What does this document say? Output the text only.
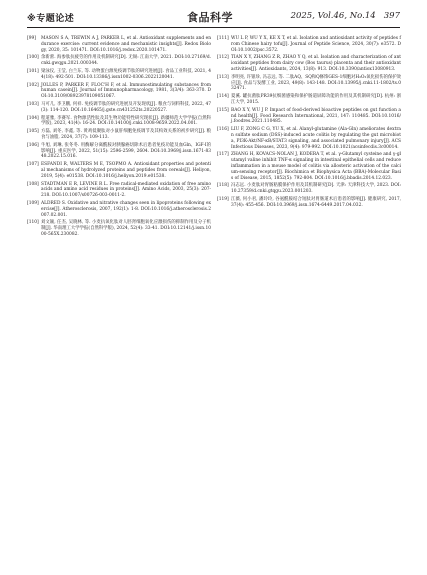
※专题论述	食品科学	2025, Vol.46, No.14 397
[99]	MASON S A, TREWIN A J, PARKER L, et al. Antioxidant supplements and endurance exercise: current evidence and mechanistic insights[J]. Redox Biology, 2020, 35: 101471. DOI:10.1016/j.redox.2020.101471.
[100] 余新蕾. 海参肽抗疲劳的作用及机制研究[D]. 无锡: 江南大学, 2021. DOI:10.27169/d.cnki.gwqgu.2021.000344.
[101] 梁泳仪, 王莹, 白兰东, 等. 动物蛋白源免疫调节肽的研究进展[J]. 食品工业科技, 2021, 44(18): 492-501. DOI:10.13386/j.issn1002-0306.2022120041.
[102] JOLLES P, PARKER F, FLOC'H F, et al. Immunostimulating substances from human casein[J]. Journal of Immunopharmacology, 1981, 3(3/4): 363-370. DOI:10.3109/08923978109051067.
[103] 马可儿, 李卫鹏, 何祥. 免疫调节肽的研究进展及开发现状[J]. 粮食与饲料科技, 2022, 47(3): 114-120. DOI:10.16465/j.gste.cn431252ts.20220527.
[104] 程道雅, 李赛军. 食物源活性肽及其生物功能特性研究现状[J]. 新疆师范大学学报(自然科学版), 2023, 41(4): 16-24. DOI:10.14100/j.cnki.1008-9659.2022.04.001.
[105] 方磊, 刘冬, 李鑫, 等. 黄鸡低聚肽对小鼠肝细胞免疫调节及其构效关系的初步研究[J]. 粮食与油脂, 2024, 37(7): 109-113.
[106] 牛旭, 刘琳, 张冬冬. 用酶解分离酰胺对胰腺癌切除术后患者免疫功能及血Gln、IGF-I的影响[J]. 重庆医学, 2022, 51(15): 2596-2599, 2604. DOI:10.3969/j.issn.1671-8348.2022.15.016.
[107] ESFANDI R, WALTERS M E, TSOPMO A. Antioxidant properties and potential mechanisms of hydrolyzed proteins and peptides from cereals[J]. Heliyon, 2019, 5(4): e01538. DOI:10.1016/j.heliyon.2019.e01538.
[108] STADTMAN E R, LEVINE R L. Free radical-mediated oxidation of free amino acids and amino acid residues in proteins[J]. Amino Acids, 2003, 25(3): 207-218. DOI:10.1007/s00726-003-0011-2.
[109] ALDRED S. Oxidative and nitrative changes seen in lipoproteins following exercise[J]. Atherosclerosis, 2007, 192(1): 1-8. DOI:10.1016/j.atherosclerosis.2007.02.001.
[110] 刘文颖, 任杰, 吴晓林, 等. 小麦抗氧化肽对人胚肾细胞氧化应激损伤的抑制作用及分子机制[J]. 华南理工大学学报(自然科学版), 2024, 52(4): 33-41. DOI:10.12141/j.issn.1000-565X.230082.
[111] WU L P, WU Y X, KE X T, et al. Isolation and antioxidant activity of peptides from Chinese hairy tofu[J]. Journal of Peptide Science, 2024, 30(7): e3572. DOI:10.1002/psc.3572.
[112] TIAN X Y, ZHANG Z R, ZHAO Y Q, et al. Isolation and characterization of antioxidant peptides from dairy cow (Bos taurus) placenta and their antioxidant activities[J]. Antioxidants, 2024, 13(8): 913. DOI:10.3390/antiox13080913.
[113] 李明亮, 许银珍, 冯志远, 等. 二肽AQ、SQ和Q修饰GES-1细胞对H₂O₂氧化损伤的保护效应[J]. 食品与发酵工业, 2023, 49(8): 143-148. DOI:10.13995/j.cnki.11-1802/ts.032471.
[114] 夏溪. 罐抗菌肽PR39抗细菌感染和保护肠道屏障功能的作用及其机制研究[D]. 杭州: 浙江大学, 2015.
[115] BAO X Y, WU J P. Impact of food-derived bioactive peptides on gut function and health[J]. Food Research International, 2021, 147: 110485. DOI:10.1016/j.foodres.2021.110485.
[116] LIU F, ZONG C G, YU X, et al. Alanyl-glutamine (Ala-Gln) ameliorates dextran sulfate sodium (DSS)-induced acute colitis by regulating the gut microbiota, PI3K-Akt/NF-κB/STAT3 signaling, and associated pulmonary injury[J]. ACS Infectious Diseases, 2023, 9(4): 979-992. DOI:10.1021/acsinfecdis.3c00014.
[117] ZHANG H, KOVACS-NOLAN J, KODERA T, et al. γ-Glutamyl cysteine and γ-glutamyl valine inhibit TNF-α signaling in intestinal epithelial cells and reduce inflammation in a mouse model of colitis via allosteric activation of the calcium-sensing receptor[J]. Biochimica et Biophysica Acta (BBA)-Molecular Basis of Disease, 2015, 1852(5): 792-804. DOI:10.1016/j.bbadis.2014.12.023.
[118] 冯志远. 小麦肽对胃肠粘膜保护作用及其机制研究[D]. 天津: 天津科技大学, 2023. DOI:10.27359/d.cnki.gtqgu.2023.001203.
[119] 江薇, 何小君, 潘玲玲, 谷氨酰胺结合短肽对胃肠道术后患者的影响[J]. 健康研究, 2017, 37(4): 455-456. DOI:10.3969/j.issn.1674-6449.2017.04.032.
